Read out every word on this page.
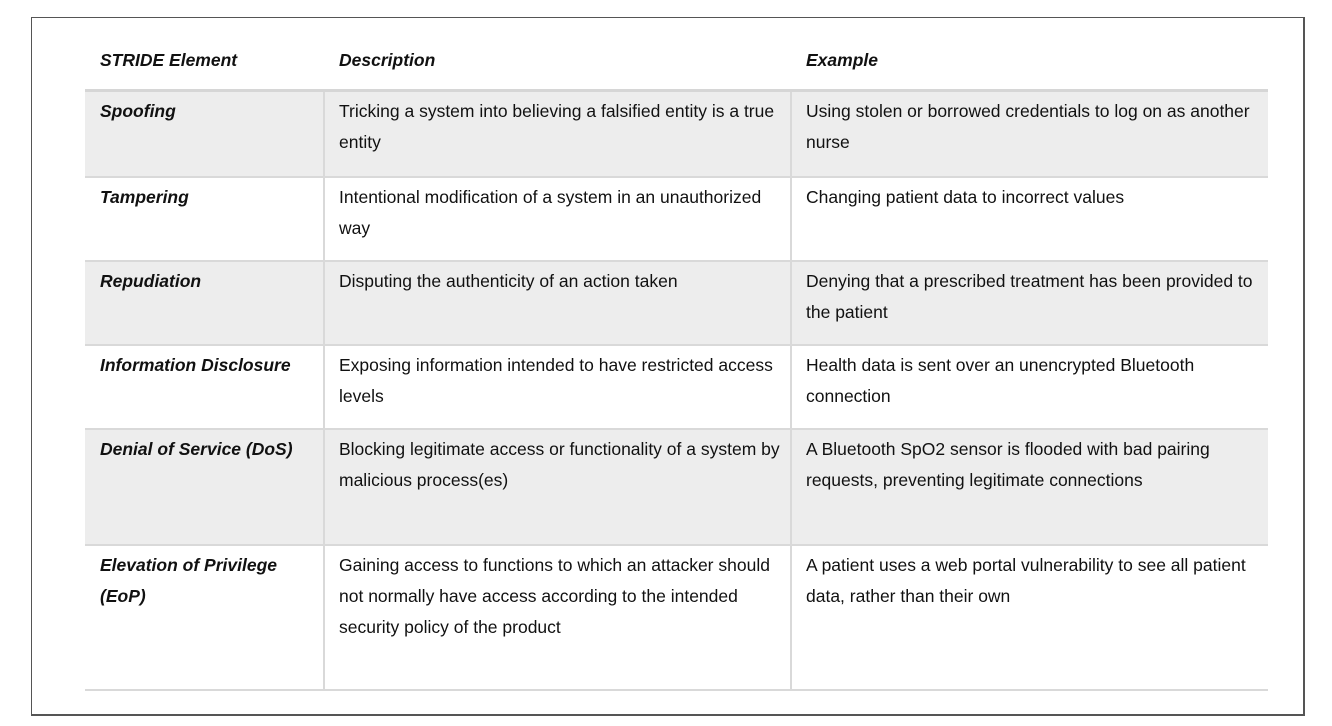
STRIDE Element	Description	Example
Spoofing	Tricking a system into believing a falsified entity is a true entity	Using stolen or borrowed credentials to log on as another nurse
Tampering	Intentional modification of a system in an unauthorized way	Changing patient data to incorrect values
Repudiation	Disputing the authenticity of an action taken	Denying that a prescribed treatment has been provided to the patient
Information Disclosure	Exposing information intended to have restricted access levels	Health data is sent over an unencrypted Bluetooth connection
Denial of Service (DoS)	Blocking legitimate access or functionality of a system by malicious process(es)	A Bluetooth SpO2 sensor is flooded with bad pairing requests, preventing legitimate connections
Elevation of Privilege (EoP)	Gaining access to functions to which an attacker should not normally have access according to the intended security policy of the product	A patient uses a web portal vulnerability to see all patient data, rather than their own
